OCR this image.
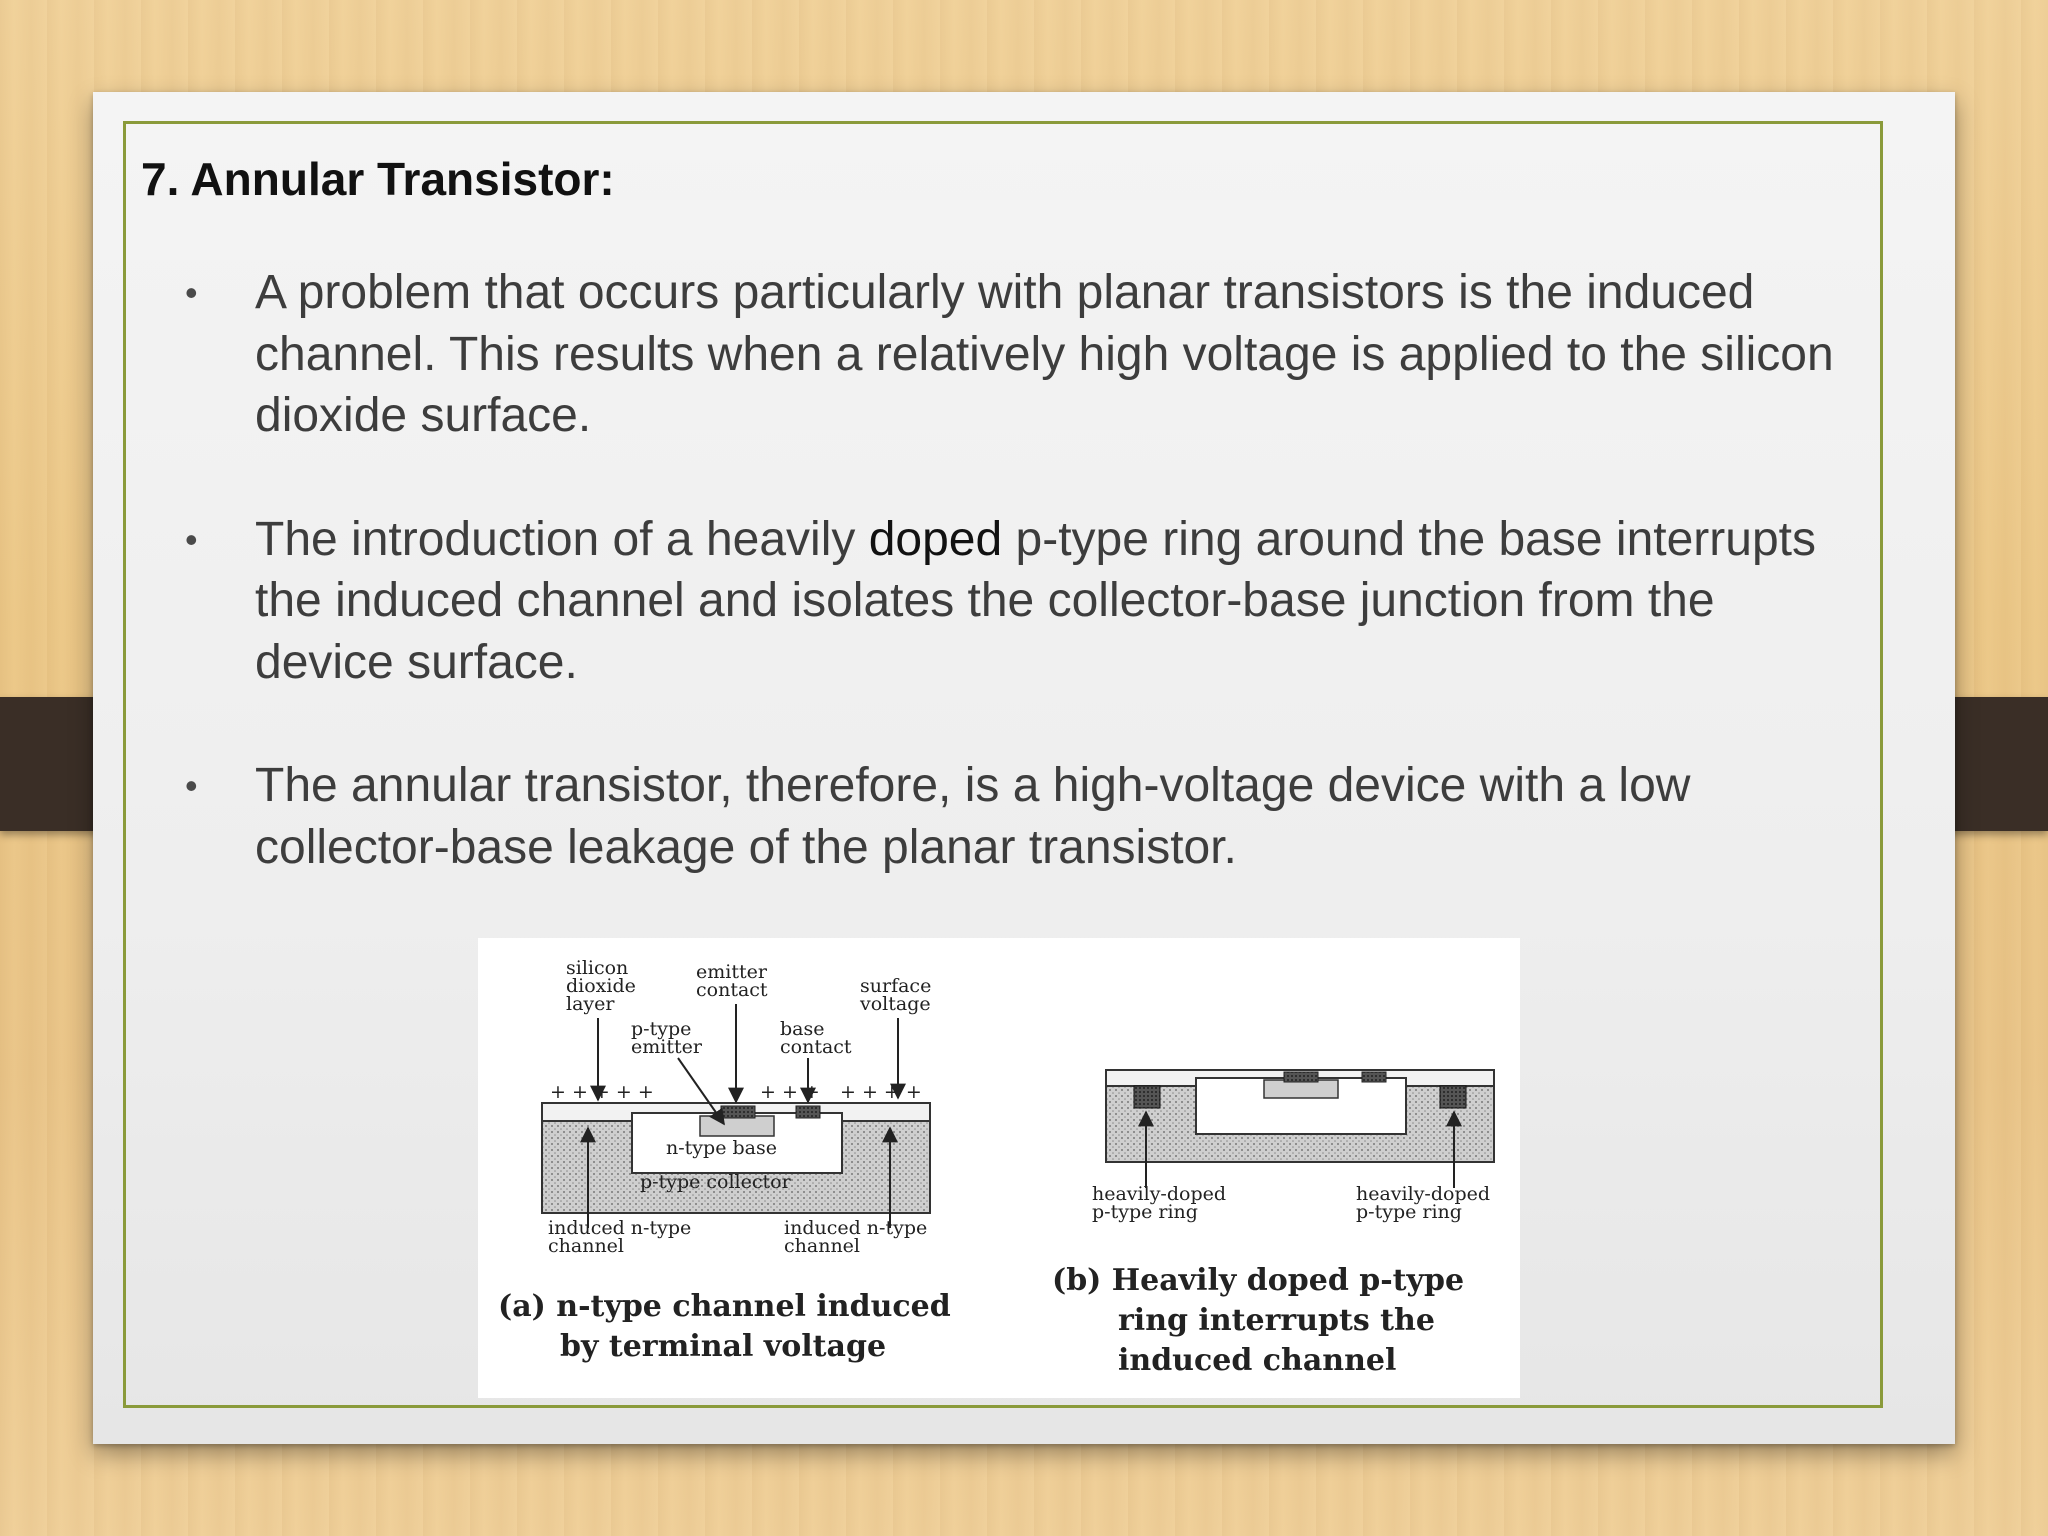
7. Annular Transistor:
• A problem that occurs particularly with planar transistors is the induced channel. This results when a relatively high voltage is applied to the silicon dioxide surface.
• The introduction of a heavily doped p-type ring around the base interrupts the induced channel and isolates the collector-base junction from the device surface.
• The annular transistor, therefore, is a high-voltage device with a low collector-base leakage of the planar transistor.
silicon
dioxide
layer
emitter
contact	surface
voltage
p-type
emitter
base
contact
+ + + + +	+ + + + + + +
n-type base
p-type collector
induced n-type
channel
induced n-type
channel
(a) n-type channel induced
by terminal voltage
heavily-doped
p-type ring
heavily-doped
p-type ring
(b) Heavily doped p-type
ring interrupts the
induced channel
